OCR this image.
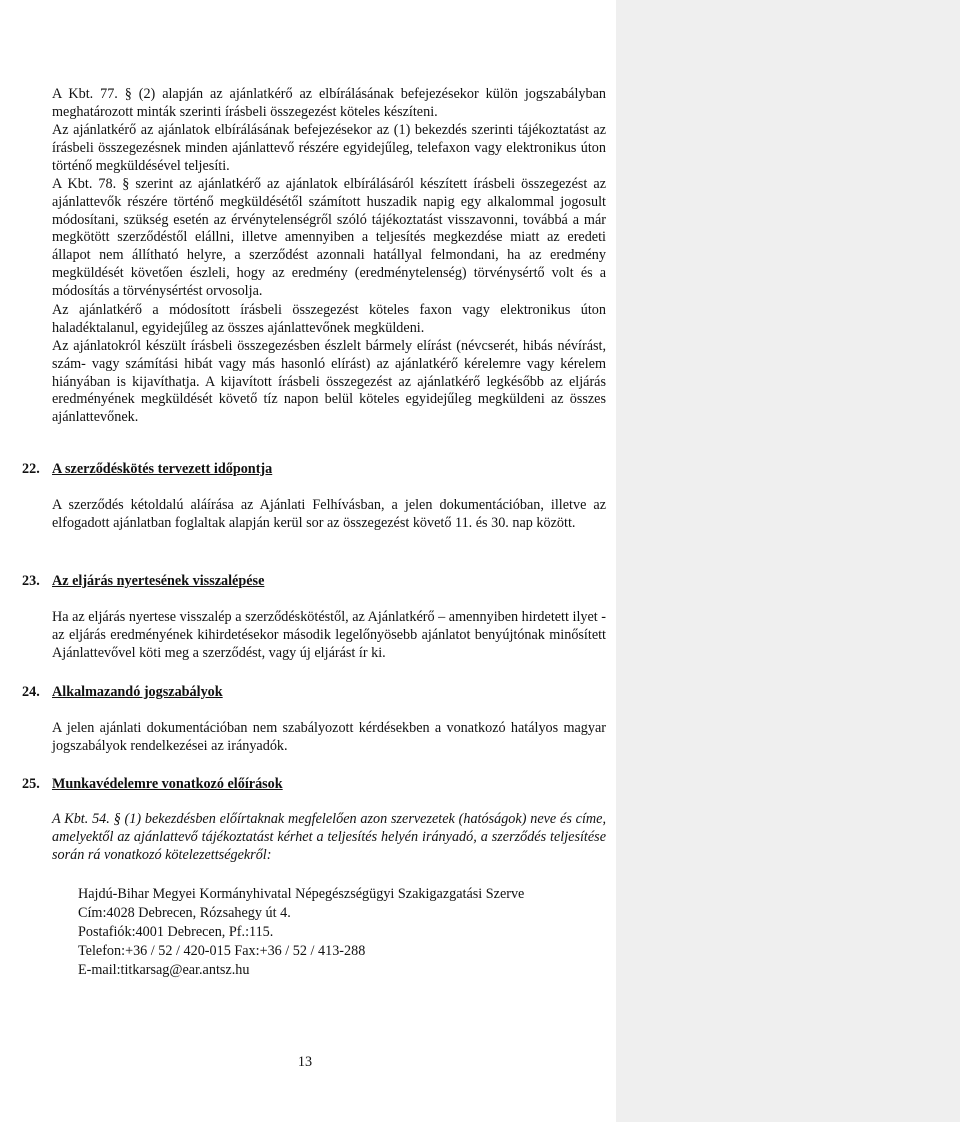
A Kbt. 77. § (2) alapján az ajánlatkérő az elbírálásának befejezésekor külön jogszabályban meghatározott minták szerinti írásbeli összegezést köteles készíteni.

Az ajánlatkérő az ajánlatok elbírálásának befejezésekor az (1) bekezdés szerinti tájékoztatást az írásbeli összegezésnek minden ajánlattevő részére egyidejűleg, telefaxon vagy elektronikus úton történő megküldésével teljesíti.

A Kbt. 78. § szerint az ajánlatkérő az ajánlatok elbírálásáról készített írásbeli összegezést az ajánlattevők részére történő megküldésétől számított huszadik napig egy alkalommal jogosult módosítani, szükség esetén az érvénytelenségről szóló tájékoztatást visszavonni, továbbá a már megkötött szerződéstől elállni, illetve amennyiben a teljesítés megkezdése miatt az eredeti állapot nem állítható helyre, a szerződést azonnali hatállyal felmondani, ha az eredmény megküldését követően észleli, hogy az eredmény (eredménytelenség) törvénysértő volt és a módosítás a törvénysértést orvosolja.

Az ajánlatkérő a módosított írásbeli összegezést köteles faxon vagy elektronikus úton haladéktalanul, egyidejűleg az összes ajánlattevőnek megküldeni.

Az ajánlatokról készült írásbeli összegezésben észlelt bármely elírást (névcserét, hibás névírást, szám- vagy számítási hibát vagy más hasonló elírást) az ajánlatkérő kérelemre vagy kérelem hiányában is kijavíthatja. A kijavított írásbeli összegezést az ajánlatkérő legkésőbb az eljárás eredményének megküldését követő tíz napon belül köteles egyidejűleg megküldeni az összes ajánlattevőnek.

22. A szerződéskötés tervezett időpontja

A szerződés kétoldalú aláírása az Ajánlati Felhívásban, a jelen dokumentációban, illetve az elfogadott ajánlatban foglaltak alapján kerül sor az összegezést követő 11. és 30. nap között.

23. Az eljárás nyertesének visszalépése

Ha az eljárás nyertese visszalép a szerződéskötéstől, az Ajánlatkérő – amennyiben hirdetett ilyet - az eljárás eredményének kihirdetésekor második legelőnyösebb ajánlatot benyújtónak minősített Ajánlattevővel köti meg a szerződést, vagy új eljárást ír ki.

24. Alkalmazandó jogszabályok

A jelen ajánlati dokumentációban nem szabályozott kérdésekben a vonatkozó hatályos magyar jogszabályok rendelkezései az irányadók.

25. Munkavédelemre vonatkozó előírások

A Kbt. 54. § (1) bekezdésben előírtaknak megfelelően azon szervezetek (hatóságok) neve és címe, amelyektől az ajánlattevő tájékoztatást kérhet a teljesítés helyén irányadó, a szerződés teljesítése során rá vonatkozó kötelezettségekről:

Hajdú-Bihar Megyei Kormányhivatal Népegészségügyi Szakigazgatási Szerve
Cím:4028 Debrecen, Rózsahegy út 4.
Postafiók:4001 Debrecen, Pf.:115.
Telefon:+36 / 52 / 420-015 Fax:+36 / 52 / 413-288
E-mail:titkarsag@ear.antsz.hu
13
